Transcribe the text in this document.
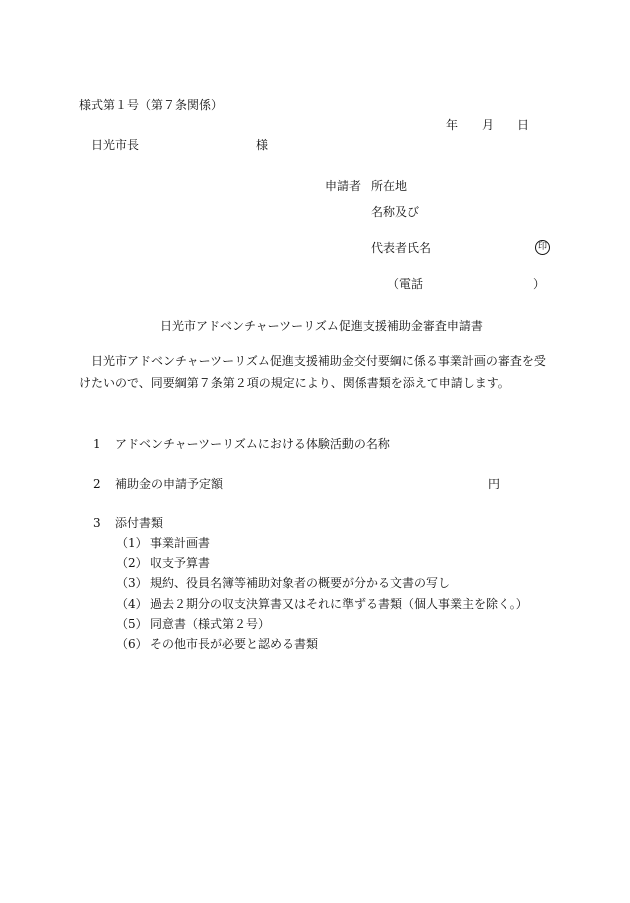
様式第１号（第７条関係）
年 月 日
日光市長	様
申請者 所在地
名称及び
代表者氏名	印
（電話	）
日光市アドベンチャーツーリズム促進支援補助金審査申請書
日光市アドベンチャーツーリズム促進支援補助金交付要綱に係る事業計画の審査を受けたいので、同要綱第７条第２項の規定により、関係書類を添えて申請します。
1 アドベンチャーツーリズムにおける体験活動の名称
2 補助金の申請予定額	円
3 添付書類
（1） 事業計画書
（2） 収支予算書
（3） 規約、役員名簿等補助対象者の概要が分かる文書の写し
（4） 過去２期分の収支決算書又はそれに準ずる書類（個人事業主を除く。）
（5） 同意書（様式第２号）
（6） その他市長が必要と認める書類
